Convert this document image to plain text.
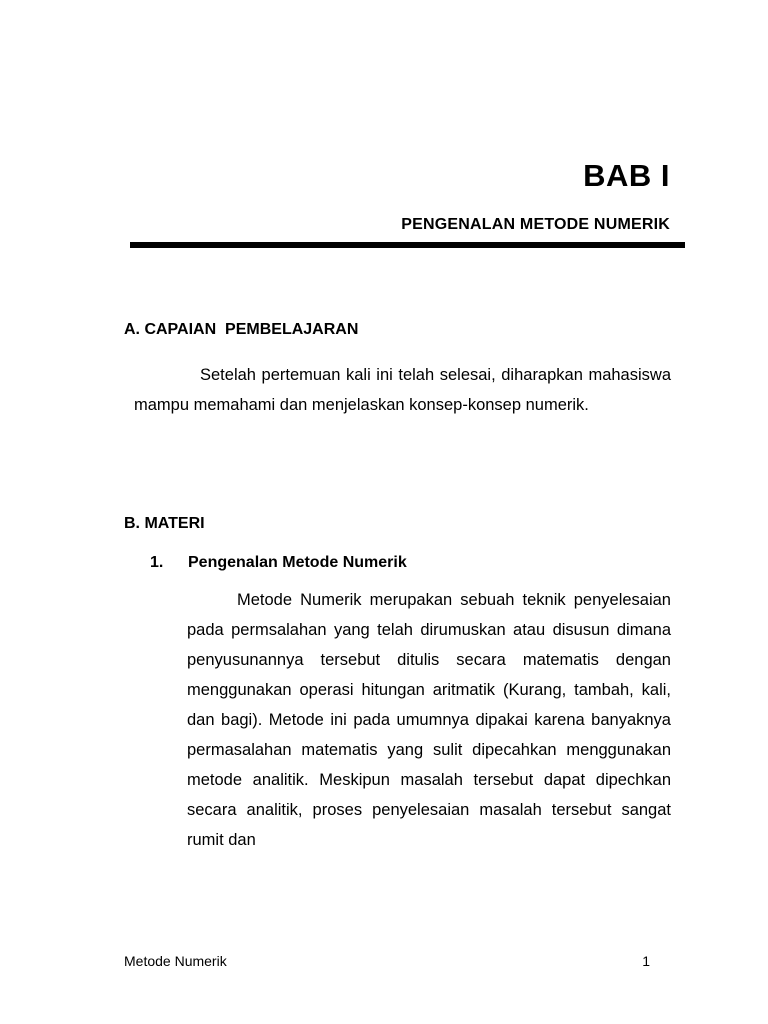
BAB I
PENGENALAN METODE NUMERIK
A. CAPAIAN  PEMBELAJARAN

Setelah pertemuan kali ini telah selesai, diharapkan mahasiswa mampu memahami dan menjelaskan konsep-konsep numerik.

B. MATERI
1. Pengenalan Metode Numerik

Metode Numerik merupakan sebuah teknik penyelesaian pada permsalahan yang telah dirumuskan atau disusun dimana penyusunannya tersebut ditulis secara matematis dengan menggunakan operasi hitungan aritmatik (Kurang, tambah, kali, dan bagi). Metode ini pada umumnya dipakai karena banyaknya permasalahan matematis yang sulit dipecahkan menggunakan metode analitik. Meskipun masalah tersebut dapat dipechkan secara analitik, proses penyelesaian masalah tersebut sangat rumit dan

Metode Numerik	1
